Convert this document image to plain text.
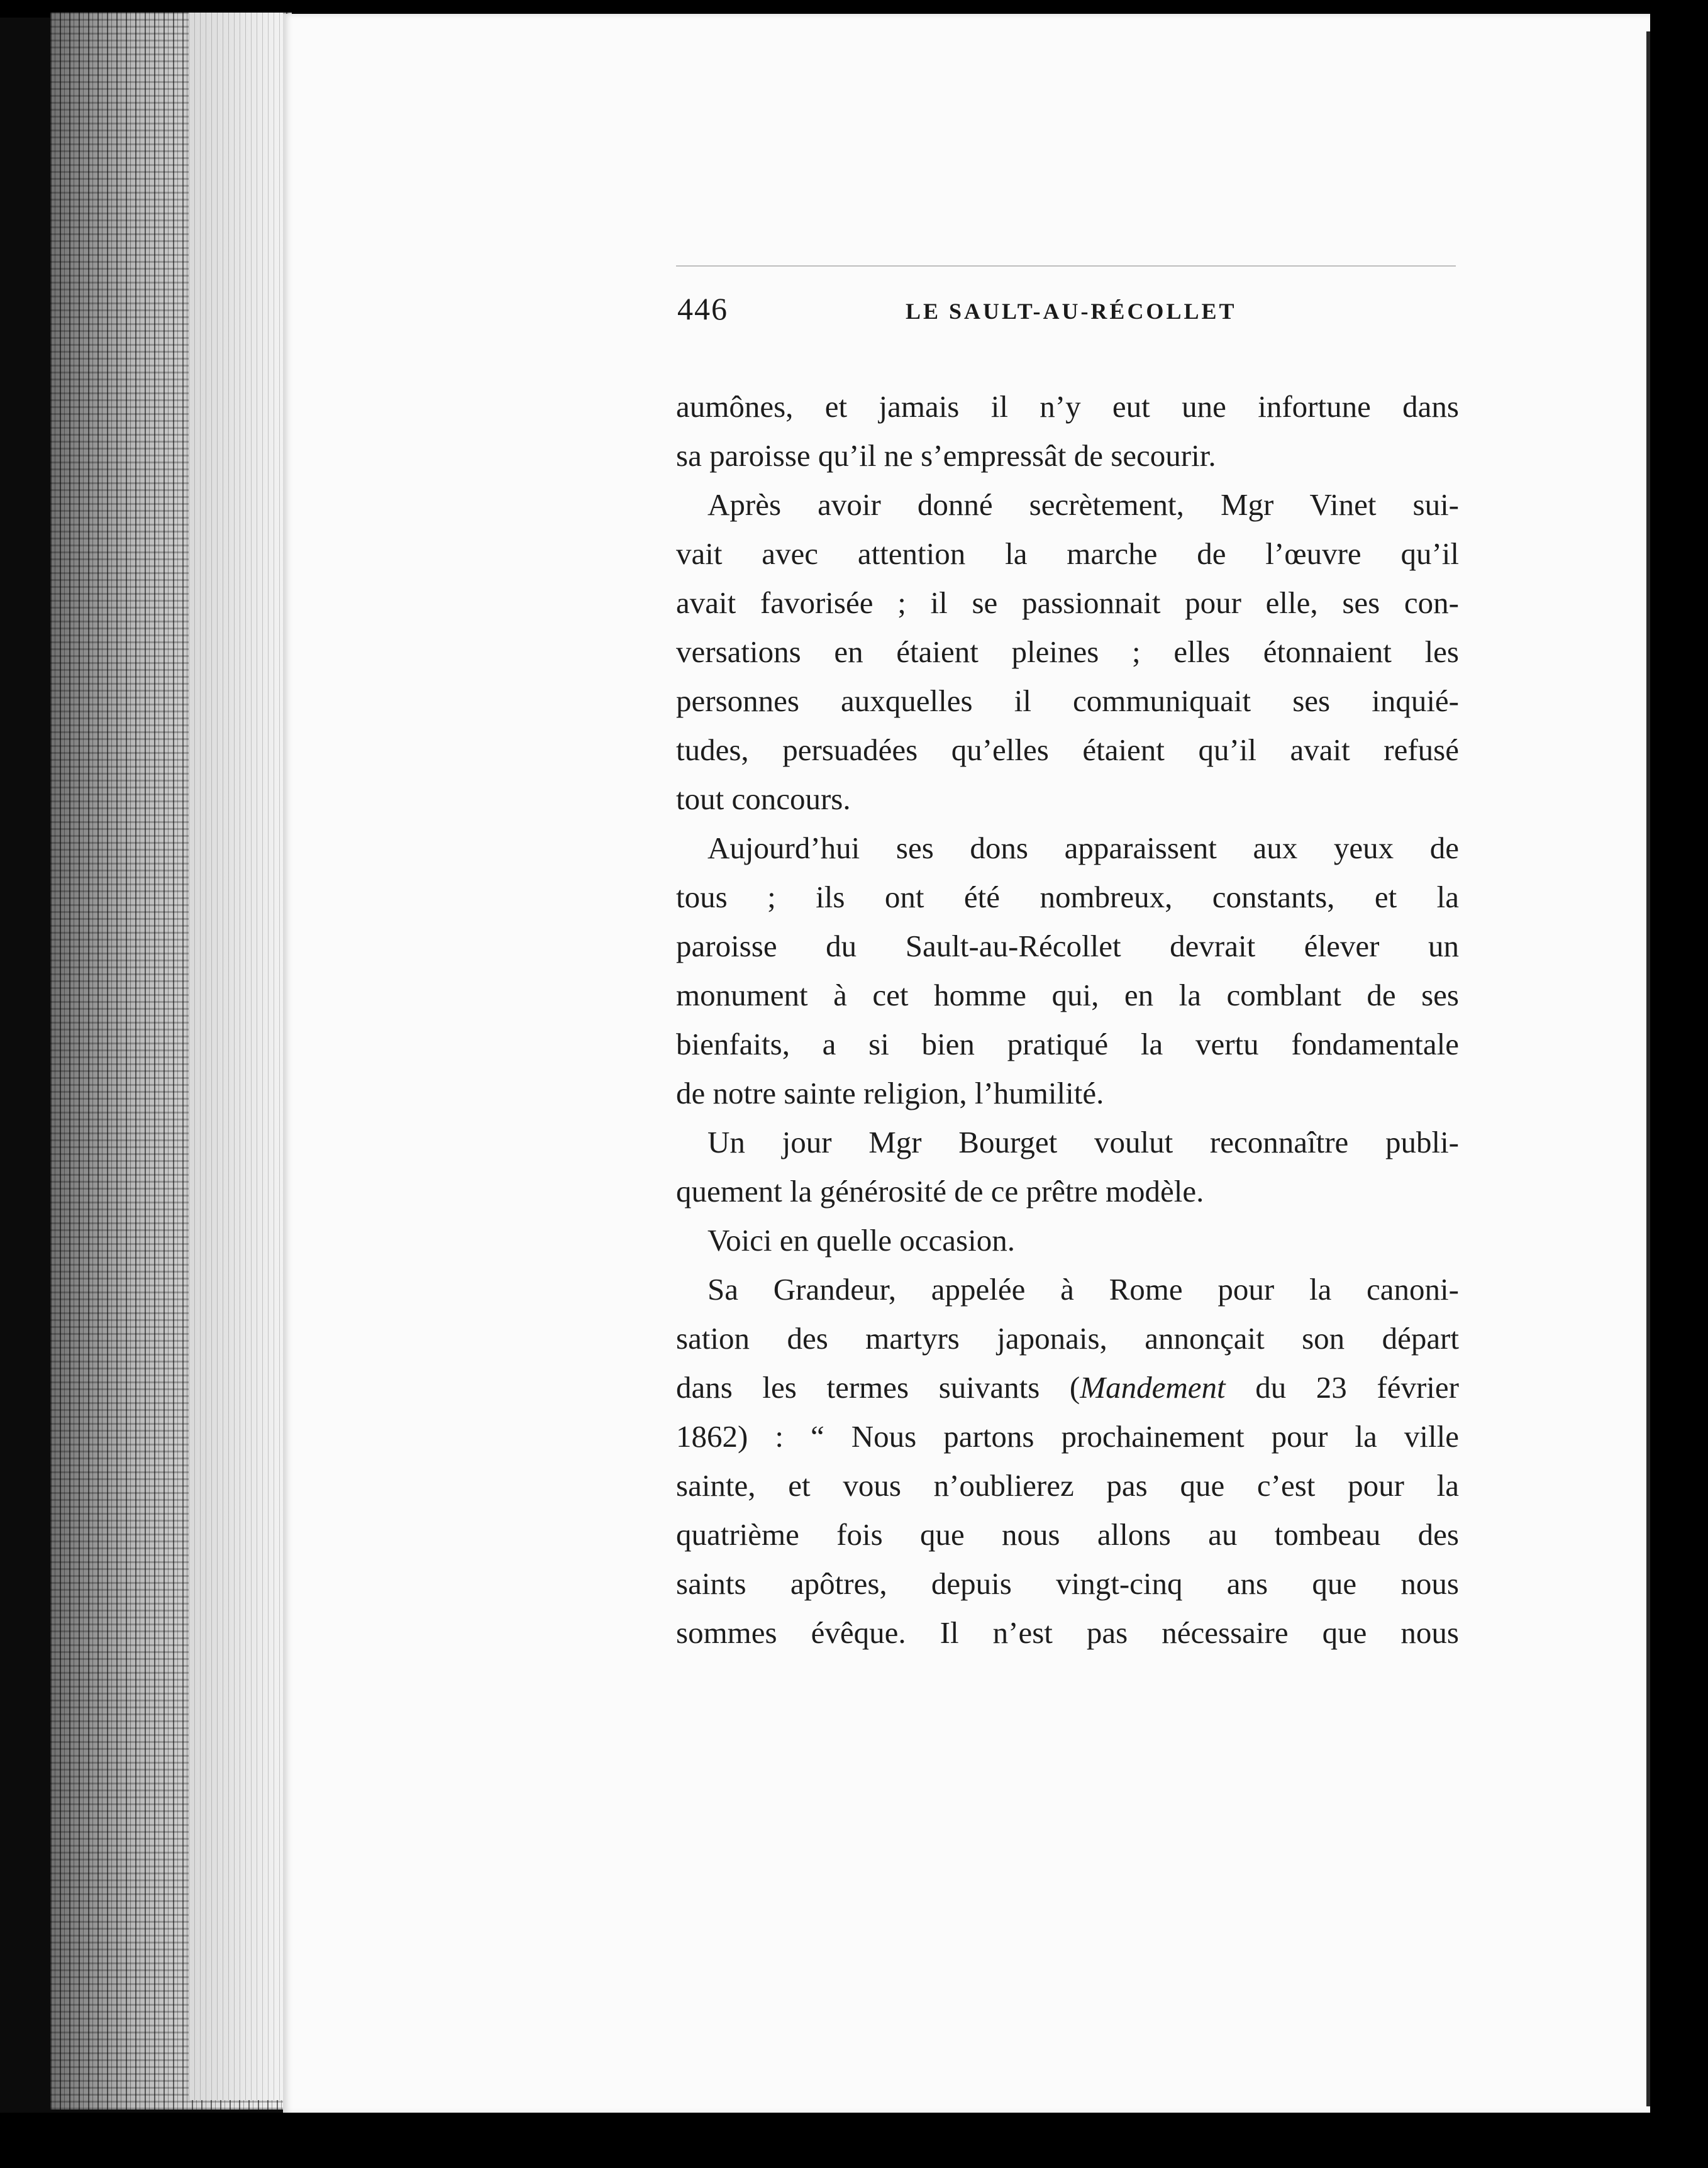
446	LE SAULT-AU-RÉCOLLET
aumônes, et jamais il n’y eut une infortune dans
sa paroisse qu’il ne s’empressât de secourir.
Après avoir donné secrètement, Mgr Vinet sui-
vait avec attention la marche de l’œuvre qu’il
avait favorisée ; il se passionnait pour elle, ses con-
versations en étaient pleines ; elles étonnaient les
personnes auxquelles il communiquait ses inquié-
tudes, persuadées qu’elles étaient qu’il avait refusé
tout concours.
Aujourd’hui ses dons apparaissent aux yeux de
tous ; ils ont été nombreux, constants, et la
paroisse du Sault-au-Récollet devrait élever un
monument à cet homme qui, en la comblant de ses
bienfaits, a si bien pratiqué la vertu fondamentale
de notre sainte religion, l’humilité.
Un jour Mgr Bourget voulut reconnaître publi-
quement la générosité de ce prêtre modèle.
Voici en quelle occasion.
Sa Grandeur, appelée à Rome pour la canoni-
sation des martyrs japonais, annonçait son départ
dans les termes suivants (Mandement du 23 février
1862) : “ Nous partons prochainement pour la ville
sainte, et vous n’oublierez pas que c’est pour la
quatrième fois que nous allons au tombeau des
saints apôtres, depuis vingt-cinq ans que nous
sommes évêque. Il n’est pas nécessaire que nous
